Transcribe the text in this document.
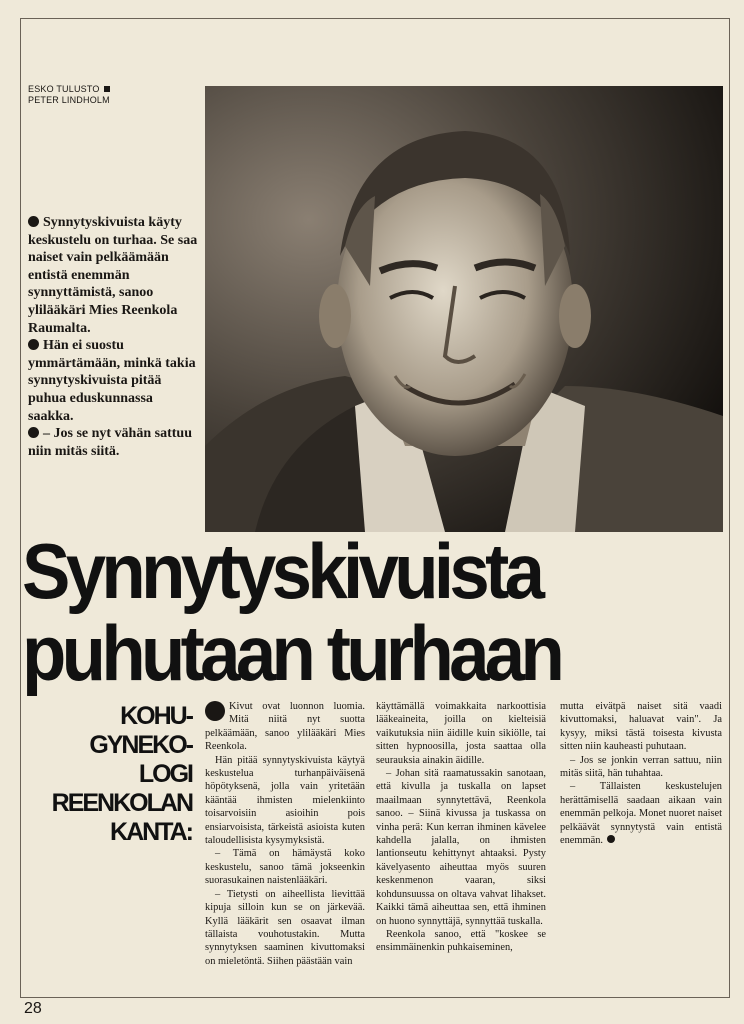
ESKO TULUSTO
PETER LINDHOLM

Synnytyskivuista käyty keskustelu on turhaa. Se saa naiset vain pelkäämään entistä enemmän synnyttämistä, sanoo ylilääkäri Mies Reenkola Raumalta.

Hän ei suostu ymmärtämään, minkä takia synnytyskivuista pitää puhua eduskunnassa saakka.

– Jos se nyt vähän sattuu niin mitäs siitä.

Synnytyskivuista
puhutaan turhaan
KOHU-
GYNEKO-
LOGI
REENKOLAN
KANTA:

Kivut ovat luonnon luomia. Mitä niitä nyt suotta pelkäämään, sanoo ylilääkäri Mies Reenkola.

Hän pitää synnytyskivuista käytyä keskustelua turhanpäiväisenä höpötyksenä, jolla vain yritetään kääntää ihmisten mielenkiinto toisarvoisiin asioihin pois ensiarvoisista, tärkeistä asioista kuten taloudellisista kysymyksistä.

– Tämä on hämäystä koko keskustelu, sanoo tämä jokseenkin suorasukainen naistenlääkäri.

– Tietysti on aiheellista lievittää kipuja silloin kun se on järkevää. Kyllä lääkärit sen osaavat ilman tällaista vouhotustakin. Mutta synnytyksen saaminen kivuttomaksi on mieletöntä. Siihen päästään vain

käyttämällä voimakkaita narkoottisia lääkeaineita, joilla on kielteisiä vaikutuksia niin äidille kuin sikiölle, tai sitten hypnoosilla, josta saattaa olla seurauksia ainakin äidille.

– Johan sitä raamatussakin sanotaan, että kivulla ja tuskalla on lapset maailmaan synnytettävä, Reenkola sanoo. – Siinä kivussa ja tuskassa on vinha perä: Kun kerran ihminen kävelee kahdella jalalla, on ihmisten lantionseutu kehittynyt ahtaaksi. Pysty kävelyasento aiheuttaa myös suuren keskenmenon vaaran, siksi kohdunsuussa on oltava vahvat lihakset. Kaikki tämä aiheuttaa sen, että ihminen on huono synnyttäjä, synnyttää tuskalla.

Reenkola sanoo, että "koskee se ensimmäinenkin puhkaiseminen,

mutta eivätpä naiset sitä vaadi kivuttomaksi, haluavat vain". Ja kysyy, miksi tästä toisesta kivusta sitten niin kauheasti puhutaan.

– Jos se jonkin verran sattuu, niin mitäs siitä, hän tuhahtaa.

– Tällaisten keskustelujen herättämisellä saadaan aikaan vain enemmän pelkoja. Monet nuoret naiset pelkäävät synnytystä vain entistä enemmän.

28
